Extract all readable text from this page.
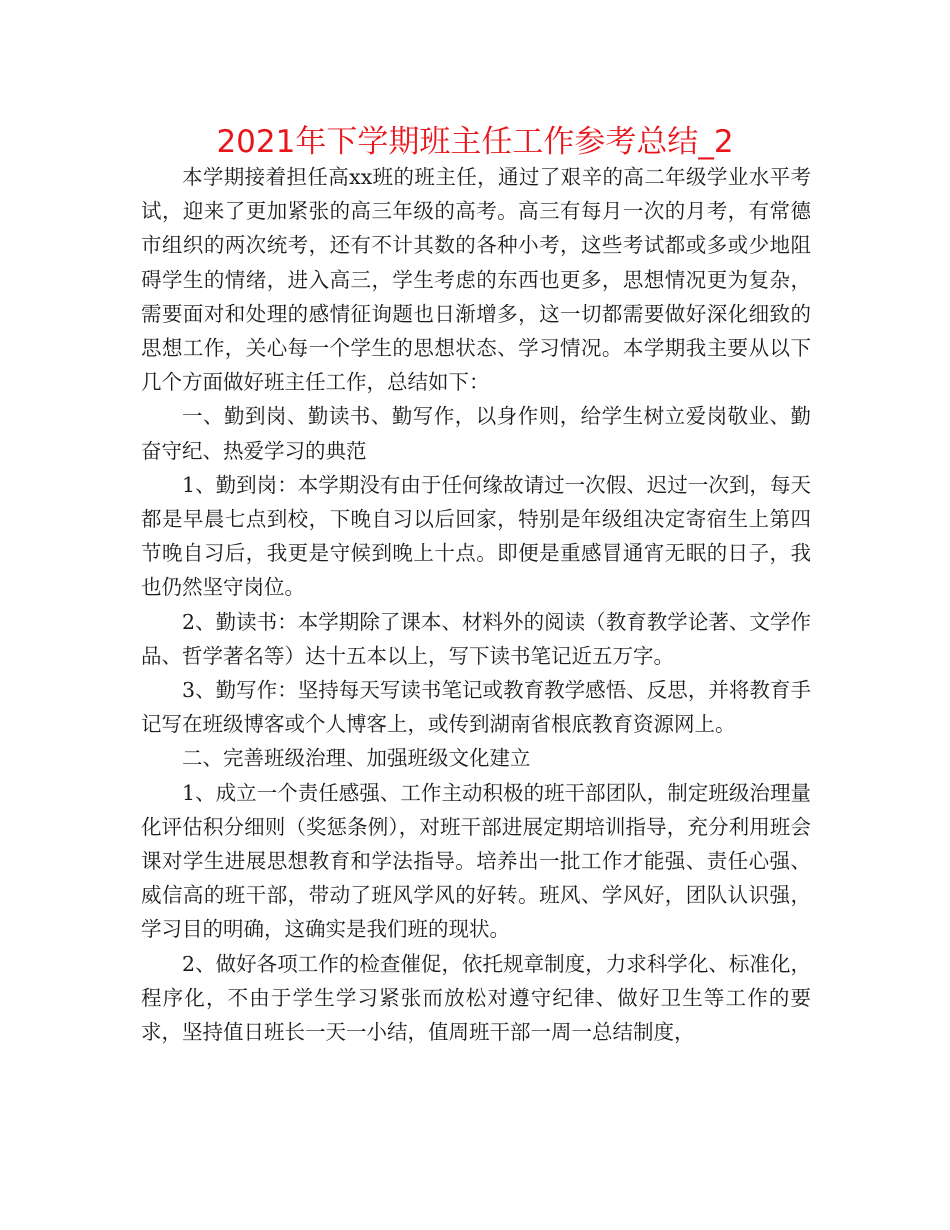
2021年下学期班主任工作参考总结_2

本学期接着担任高xx班的班主任，通过了艰辛的高二年级学业水平考试，迎来了更加紧张的高三年级的高考。高三有每月一次的月考，有常德市组织的两次统考，还有不计其数的各种小考，这些考试都或多或少地阻碍学生的情绪，进入高三，学生考虑的东西也更多，思想情况更为复杂，需要面对和处理的感情征询题也日渐增多，这一切都需要做好深化细致的思想工作，关心每一个学生的思想状态、学习情况。本学期我主要从以下几个方面做好班主任工作，总结如下：

一、勤到岗、勤读书、勤写作，以身作则，给学生树立爱岗敬业、勤奋守纪、热爱学习的典范

1、勤到岗：本学期没有由于任何缘故请过一次假、迟过一次到，每天都是早晨七点到校，下晚自习以后回家，特别是年级组决定寄宿生上第四节晚自习后，我更是守候到晚上十点。即便是重感冒通宵无眠的日子，我也仍然坚守岗位。

2、勤读书：本学期除了课本、材料外的阅读（教育教学论著、文学作品、哲学著名等）达十五本以上，写下读书笔记近五万字。

3、勤写作：坚持每天写读书笔记或教育教学感悟、反思，并将教育手记写在班级博客或个人博客上，或传到湖南省根底教育资源网上。

二、完善班级治理、加强班级文化建立

1、成立一个责任感强、工作主动积极的班干部团队，制定班级治理量化评估积分细则（奖惩条例），对班干部进展定期培训指导，充分利用班会课对学生进展思想教育和学法指导。培养出一批工作才能强、责任心强、威信高的班干部，带动了班风学风的好转。班风、学风好，团队认识强，学习目的明确，这确实是我们班的现状。

2、做好各项工作的检查催促，依托规章制度，力求科学化、标准化，程序化，不由于学生学习紧张而放松对遵守纪律、做好卫生等工作的要求，坚持值日班长一天一小结，值周班干部一周一总结制度，
